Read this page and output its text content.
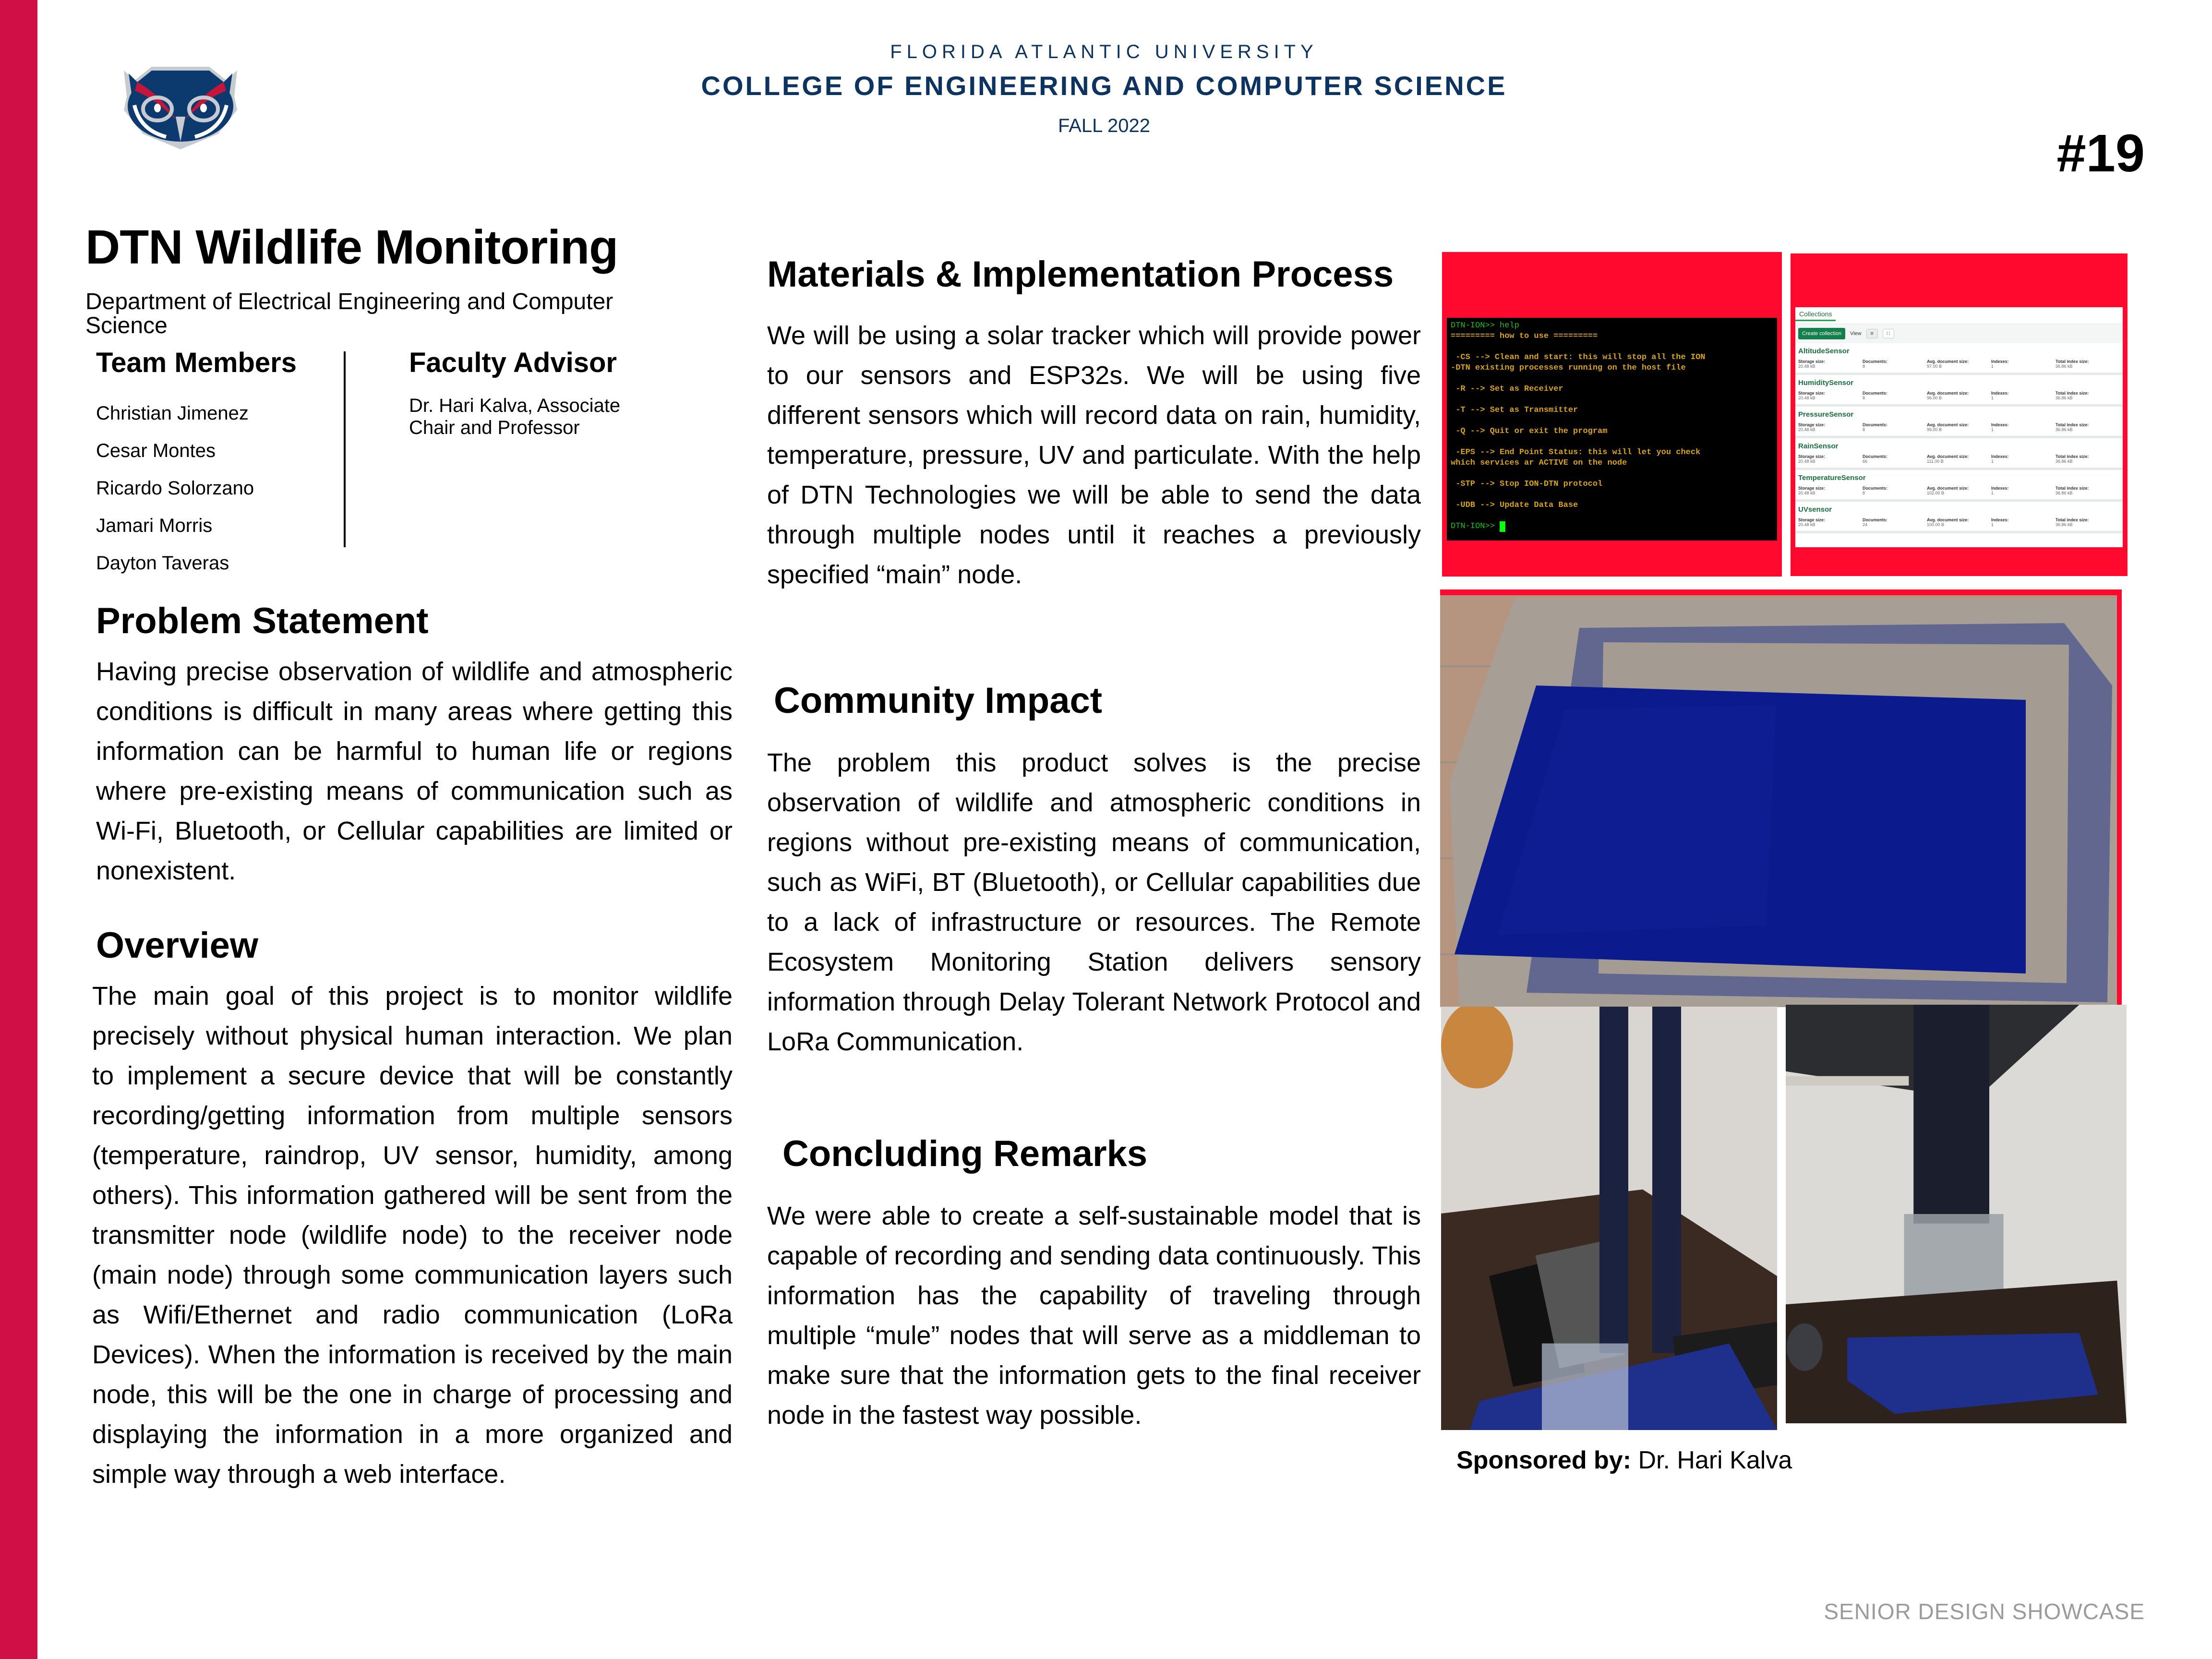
FLORIDA ATLANTIC UNIVERSITY
COLLEGE OF ENGINEERING AND COMPUTER SCIENCE
FALL 2022	#19
DTN Wildlife Monitoring
Department of Electrical Engineering and Computer Science
Team Members	Faculty Advisor
Christian Jimenez
Cesar Montes
Ricardo Solorzano
Jamari Morris
Dayton Taveras
Dr. Hari Kalva, Associate Chair and Professor
Problem Statement
Having precise observation of wildlife and atmospheric conditions is difficult in many areas where getting this information can be harmful to human life or regions where pre-existing means of communication such as Wi-Fi, Bluetooth, or Cellular capabilities are limited or nonexistent.
Overview
The main goal of this project is to monitor wildlife precisely without physical human interaction. We plan to implement a secure device that will be constantly recording/getting information from multiple sensors (temperature, raindrop, UV sensor, humidity, among others). This information gathered will be sent from the transmitter node (wildlife node) to the receiver node (main node) through some communication layers such as Wifi/Ethernet and radio communication (LoRa Devices). When the information is received by the main node, this will be the one in charge of processing and displaying the information in a more organized and simple way through a web interface.
Materials & Implementation Process
We will be using a solar tracker which will provide power to our sensors and ESP32s. We will be using five different sensors which will record data on rain, humidity, temperature, pressure, UV and particulate. With the help of DTN Technologies we will be able to send the data through multiple nodes until it reaches a previously specified “main” node.
Community Impact
The problem this product solves is the precise observation of wildlife and atmospheric conditions in regions without pre-existing means of communication, such as WiFi, BT (Bluetooth), or Cellular capabilities due to a lack of infrastructure or resources. The Remote Ecosystem Monitoring Station delivers sensory information through Delay Tolerant Network Protocol and LoRa Communication.
Concluding Remarks
We were able to create a self-sustainable model that is capable of recording and sending data continuously. This information has the capability of traveling through multiple “mule” nodes that will serve as a middleman to make sure that the information gets to the final receiver node in the fastest way possible.
DTN-ION>> help
========= how to use =========

-CS --> Clean and start: this will stop all the ION
-DTN existing processes running on the host file

-R --> Set as Receiver

-T --> Set as Transmitter

-Q --> Quit or exit the program

-EPS --> End Point Status: this will let you check
which services ar ACTIVE on the node

-STP --> Stop ION-DTN protocol

-UDB --> Update Data Base

DTN-ION>>
Collections
Create collection	View	≡	∷
AltitudeSensor
Storage size:
20.48 kB
Documents:
8
Avg. document size:
97.00 B
Indexes:
1
Total index size:
36.86 kB
HumiditySensor
Storage size:
20.48 kB
Documents:
8
Avg. document size:
96.00 B
Indexes:
1
Total index size:
36.86 kB
PressureSensor
Storage size:
20.48 kB
Documents:
8
Avg. document size:
99.00 B
Indexes:
1
Total index size:
36.86 kB
RainSensor
Storage size:
20.48 kB
Documents:
66
Avg. document size:
111.00 B
Indexes:
1
Total index size:
36.86 kB
TemperatureSensor
Storage size:
20.48 kB
Documents:
8
Avg. document size:
102.00 B
Indexes:
1
Total index size:
36.86 kB
UVsensor
Storage size:
20.48 kB
Documents:
24
Avg. document size:
100.00 B
Indexes:
1
Total index size:
36.86 kB
Sponsored by: Dr. Hari Kalva
SENIOR DESIGN SHOWCASE
